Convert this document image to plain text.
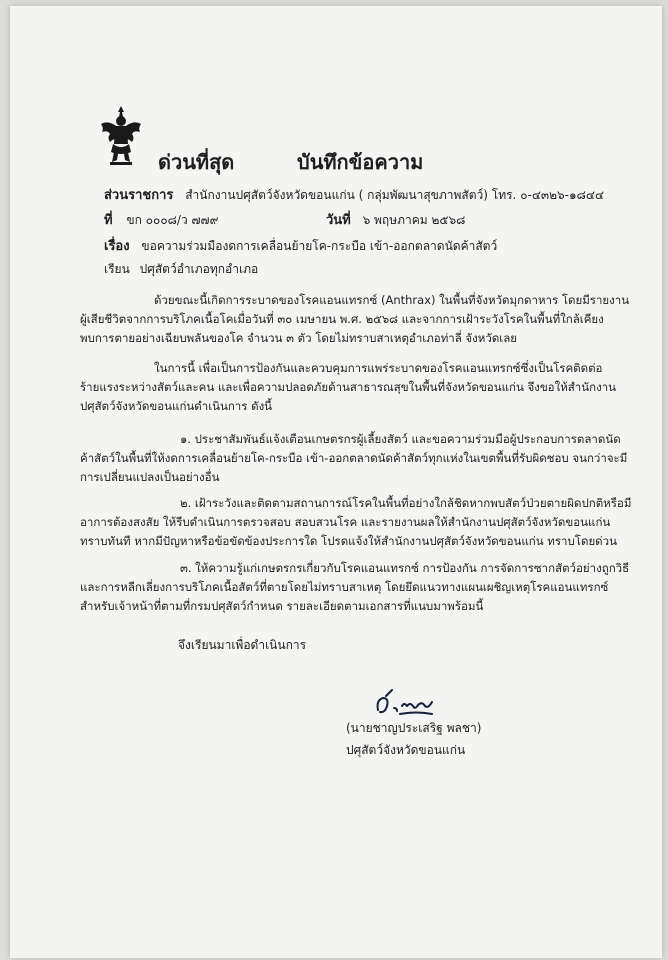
ด่วนที่สุด	บันทึกข้อความ
ส่วนราชการ สำนักงานปศุสัตว์จังหวัดขอนแก่น ( กลุ่มพัฒนาสุขภาพสัตว์) โทร. ๐-๔๓๒๖-๑๘๔๔
ที่ ขก ๐๐๐๘/ว ๗๗๙	วันที่ ๖ พฤษภาคม ๒๕๖๘
เรื่อง ขอความร่วมมืองดการเคลื่อนย้ายโค-กระบือ เข้า-ออกตลาดนัดค้าสัตว์
เรียน ปศุสัตว์อำเภอทุกอำเภอ

ด้วยขณะนี้เกิดการระบาดของโรคแอนแทรกซ์ (Anthrax) ในพื้นที่จังหวัดมุกดาหาร โดยมีรายงาน

ผู้เสียชีวิตจากการบริโภคเนื้อโคเมื่อวันที่ ๓๐ เมษายน พ.ศ. ๒๕๖๘ และจากการเฝ้าระวังโรคในพื้นที่ใกล้เคียง

พบการตายอย่างเฉียบพลันของโค จำนวน ๓ ตัว โดยไม่ทราบสาเหตุอำเภอท่าลี่ จังหวัดเลย

ในการนี้ เพื่อเป็นการป้องกันและควบคุมการแพร่ระบาดของโรคแอนแทรกซ์ซึ่งเป็นโรคติดต่อ

ร้ายแรงระหว่างสัตว์และคน และเพื่อความปลอดภัยด้านสาธารณสุขในพื้นที่จังหวัดขอนแก่น จึงขอให้สำนักงาน

ปศุสัตว์จังหวัดขอนแก่นดำเนินการ ดังนี้

๑. ประชาสัมพันธ์แจ้งเตือนเกษตรกรผู้เลี้ยงสัตว์ และขอความร่วมมือผู้ประกอบการตลาดนัด

ค้าสัตว์ในพื้นที่ให้งดการเคลื่อนย้ายโค-กระบือ เข้า-ออกตลาดนัดค้าสัตว์ทุกแห่งในเขตพื้นที่รับผิดชอบ จนกว่าจะมี

การเปลี่ยนแปลงเป็นอย่างอื่น

๒. เฝ้าระวังและติดตามสถานการณ์โรคในพื้นที่อย่างใกล้ชิดหากพบสัตว์ป่วยตายผิดปกติหรือมี

อาการต้องสงสัย ให้รีบดำเนินการตรวจสอบ สอบสวนโรค และรายงานผลให้สำนักงานปศุสัตว์จังหวัดขอนแก่น

ทราบทันที หากมีปัญหาหรือข้อขัดข้องประการใด โปรดแจ้งให้สำนักงานปศุสัตว์จังหวัดขอนแก่น ทราบโดยด่วน

๓. ให้ความรู้แก่เกษตรกรเกี่ยวกับโรคแอนแทรกซ์ การป้องกัน การจัดการซากสัตว์อย่างถูกวิธี

และการหลีกเลี่ยงการบริโภคเนื้อสัตว์ที่ตายโดยไม่ทราบสาเหตุ โดยยึดแนวทางแผนเผชิญเหตุโรคแอนแทรกซ์

สำหรับเจ้าหน้าที่ตามที่กรมปศุสัตว์กำหนด รายละเอียดตามเอกสารที่แนบมาพร้อมนี้

จึงเรียนมาเพื่อดำเนินการ
(นายชาญประเสริฐ พลชา)
ปศุสัตว์จังหวัดขอนแก่น
